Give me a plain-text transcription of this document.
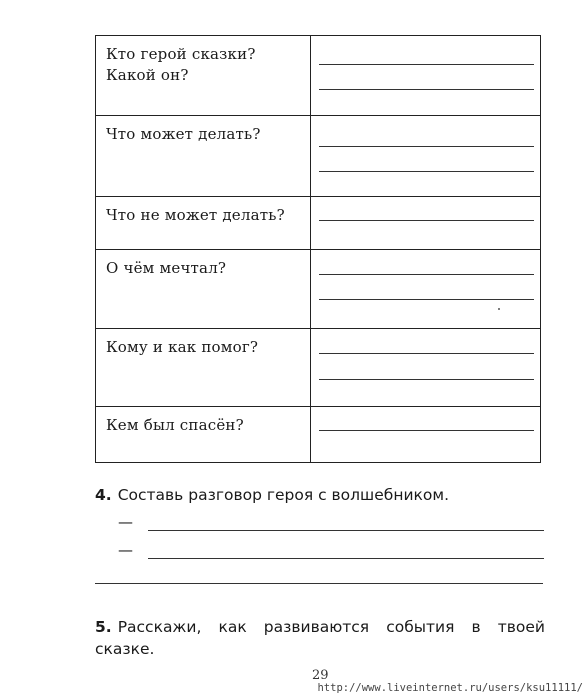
Кто герой сказки?
Какой он?
Что может делать?
Что не может делать?
О чём мечтал?
Кому и как помог?
Кем был спасён?
4. Составь разговор героя с волшебником.
—
—
5. Расскажи, как развиваются события в твоей сказке.
29
http://www.liveinternet.ru/users/ksu11111/
